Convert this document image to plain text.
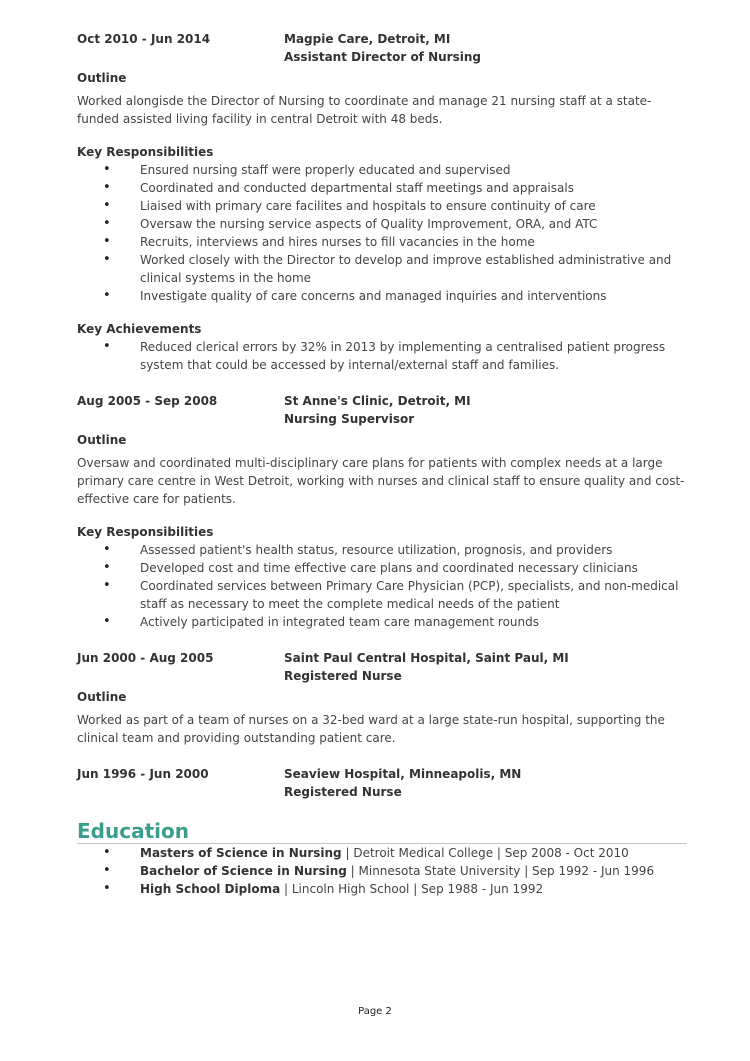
Oct 2010 - Jun 2014	Magpie Care, Detroit, MI
Assistant Director of Nursing
Outline

Worked alongisde the Director of Nursing to coordinate and manage 21 nursing staff at a state-funded assisted living facility in central Detroit with 48 beds.

Key Responsibilities
• Ensured nursing staff were properly educated and supervised
• Coordinated and conducted departmental staff meetings and appraisals
• Liaised with primary care facilites and hospitals to ensure continuity of care
• Oversaw the nursing service aspects of Quality Improvement, ORA, and ATC
• Recruits, interviews and hires nurses to fill vacancies in the home
• Worked closely with the Director to develop and improve established administrative and clinical systems in the home
• Investigate quality of care concerns and managed inquiries and interventions
Key Achievements
• Reduced clerical errors by 32% in 2013 by implementing a centralised patient progress system that could be accessed by internal/external staff and families.
Aug 2005 - Sep 2008	St Anne's Clinic, Detroit, MI
Nursing Supervisor
Outline

Oversaw and coordinated multi-disciplinary care plans for patients with complex needs at a large primary care centre in West Detroit, working with nurses and clinical staff to ensure quality and cost-effective care for patients.

Key Responsibilities
• Assessed patient's health status, resource utilization, prognosis, and providers
• Developed cost and time effective care plans and coordinated necessary clinicians
• Coordinated services between Primary Care Physician (PCP), specialists, and non-medical staff as necessary to meet the complete medical needs of the patient
• Actively participated in integrated team care management rounds
Jun 2000 - Aug 2005	Saint Paul Central Hospital, Saint Paul, MI
Registered Nurse
Outline

Worked as part of a team of nurses on a 32-bed ward at a large state-run hospital, supporting the clinical team and providing outstanding patient care.

Jun 1996 - Jun 2000	Seaview Hospital, Minneapolis, MN
Registered Nurse
Education
• Masters of Science in Nursing | Detroit Medical College | Sep 2008 - Oct 2010
• Bachelor of Science in Nursing | Minnesota State University | Sep 1992 - Jun 1996
• High School Diploma | Lincoln High School | Sep 1988 - Jun 1992
Page 2
